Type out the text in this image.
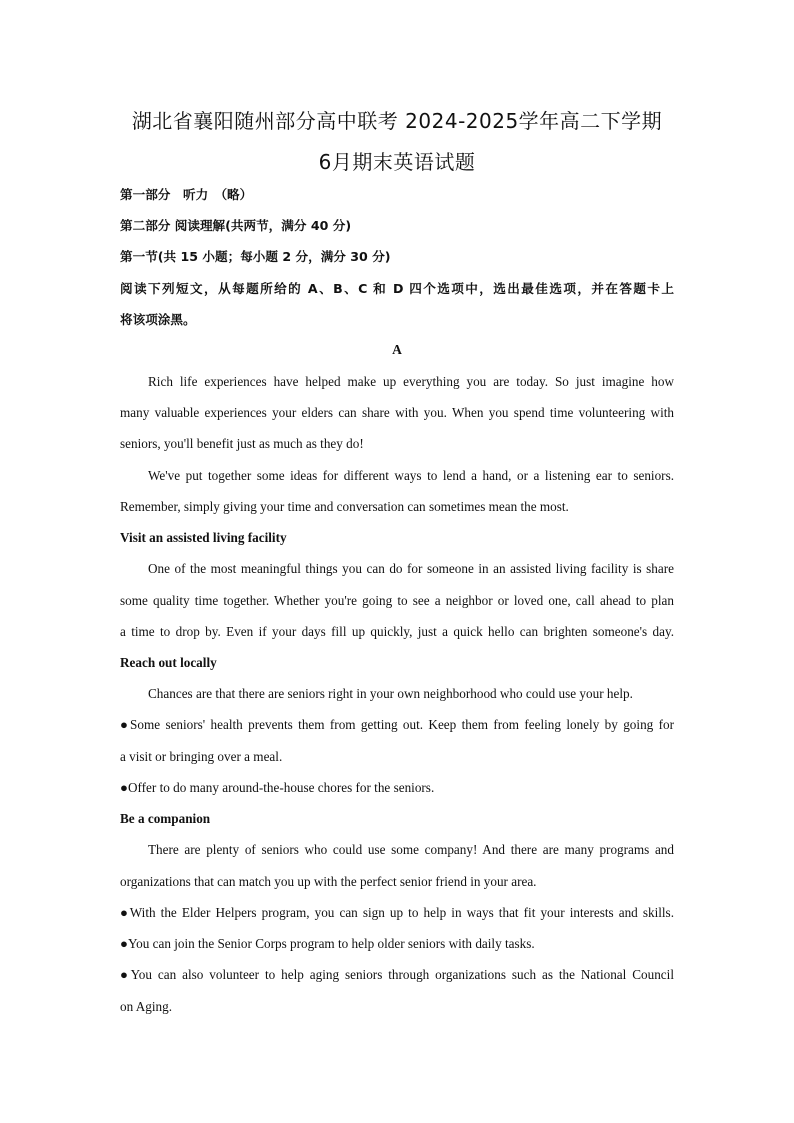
湖北省襄阳随州部分高中联考 2024-2025学年高二下学期
6月期末英语试题
第一部分　听力　（略）
第二部分 阅读理解(共两节，满分 40 分)
第一节(共 15 小题；每小题 2 分，满分 30 分)
阅读下列短文，从每题所给的 A、B、C 和 D 四个选项中，选出最佳选项，并在答题卡上
将该项涂黑。
A
Rich life experiences have helped make up everything you are today. So just imagine how
many valuable experiences your elders can share with you. When you spend time volunteering with
seniors, you'll benefit just as much as they do!
We've put together some ideas for different ways to lend a hand, or a listening ear to seniors.
Remember, simply giving your time and conversation can sometimes mean the most.
Visit an assisted living facility
One of the most meaningful things you can do for someone in an assisted living facility is share
some quality time together. Whether you're going to see a neighbor or loved one, call ahead to plan
a time to drop by. Even if your days fill up quickly, just a quick hello can brighten someone's day.
Reach out locally
Chances are that there are seniors right in your own neighborhood who could use your help.
●Some seniors' health prevents them from getting out. Keep them from feeling lonely by going for
a visit or bringing over a meal.
●Offer to do many around-the-house chores for the seniors.
Be a companion
There are plenty of seniors who could use some company! And there are many programs and
organizations that can match you up with the perfect senior friend in your area.
●With the Elder Helpers program, you can sign up to help in ways that fit your interests and skills.
●You can join the Senior Corps program to help older seniors with daily tasks.
●You can also volunteer to help aging seniors through organizations such as the National Council
on Aging.
